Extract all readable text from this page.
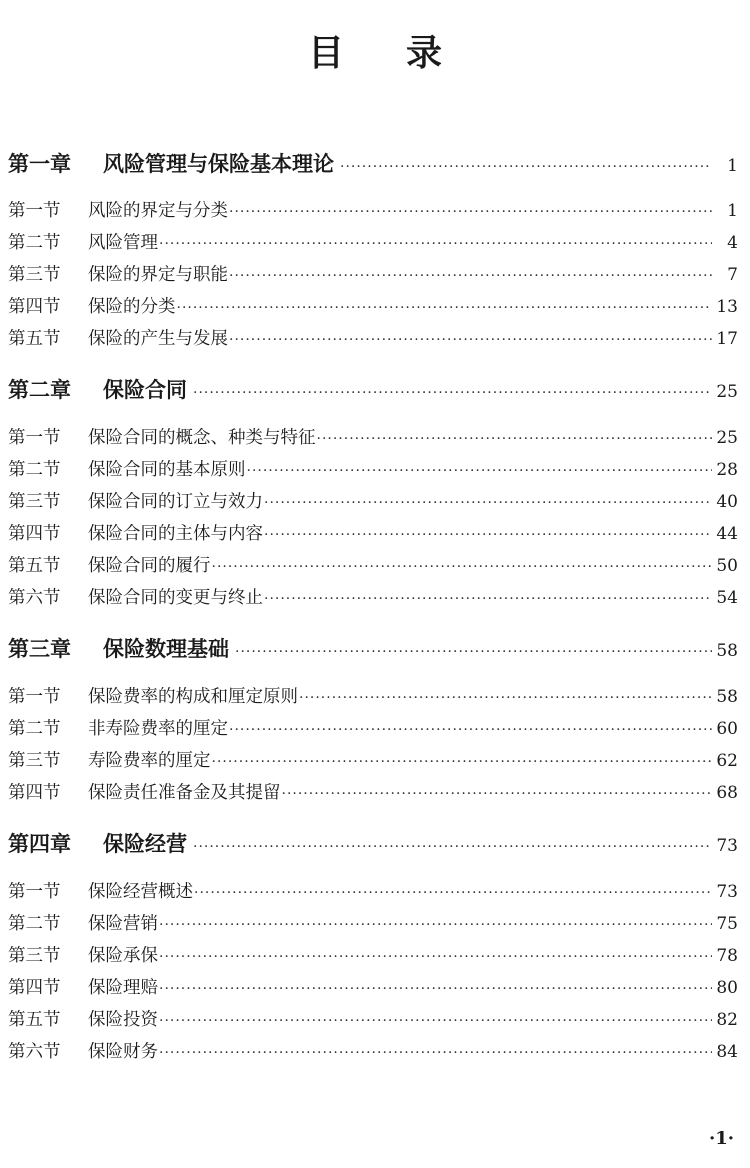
目 录
第一章	风险管理与保险基本理论 ·····	1
第一节	风险的界定与分类 ·····	1
第二节	风险管理 ·····	4
第三节	保险的界定与职能 ·····	7
第四节	保险的分类 ·····	13
第五节	保险的产生与发展 ·····	17
第二章	保险合同 ·····	25
第一节	保险合同的概念、种类与特征 ·····	25
第二节	保险合同的基本原则 ·····	28
第三节	保险合同的订立与效力 ·····	40
第四节	保险合同的主体与内容 ·····	44
第五节	保险合同的履行 ·····	50
第六节	保险合同的变更与终止 ·····	54
第三章	保险数理基础 ·····	58
第一节	保险费率的构成和厘定原则 ·····	58
第二节	非寿险费率的厘定 ·····	60
第三节	寿险费率的厘定 ·····	62
第四节	保险责任准备金及其提留 ·····	68
第四章	保险经营 ·····	73
第一节	保险经营概述 ·····	73
第二节	保险营销 ·····	75
第三节	保险承保 ·····	78
第四节	保险理赔 ·····	80
第五节	保险投资 ·····	82
第六节	保险财务 ·····	84
·1·
